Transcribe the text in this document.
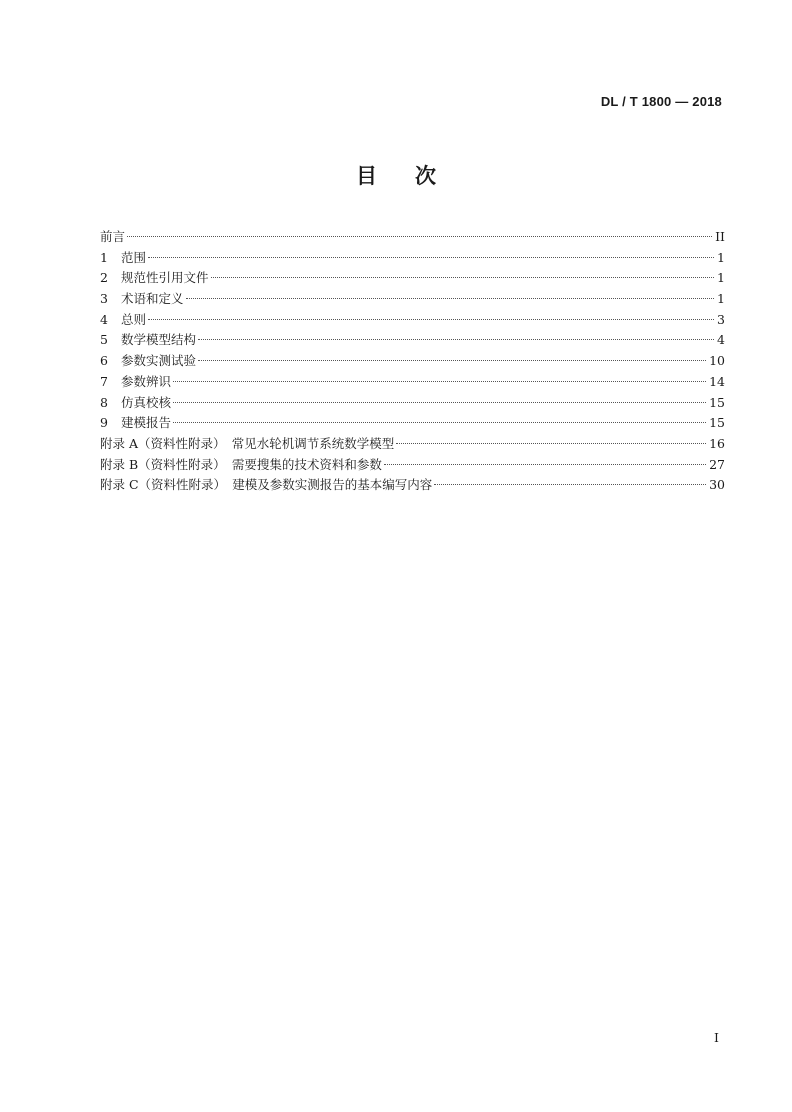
DL / T 1800 — 2018
目次
前言	II
1	范围	1
2	规范性引用文件	1
3	术语和定义	1
4	总则	3
5	数学模型结构	4
6	参数实测试验	10
7	参数辨识	14
8	仿真校核	15
9	建模报告	15
附录 A（资料性附录）　常见水轮机调节系统数学模型	16
附录 B（资料性附录）　需要搜集的技术资料和参数	27
附录 C（资料性附录）　建模及参数实测报告的基本编写内容	30
I
